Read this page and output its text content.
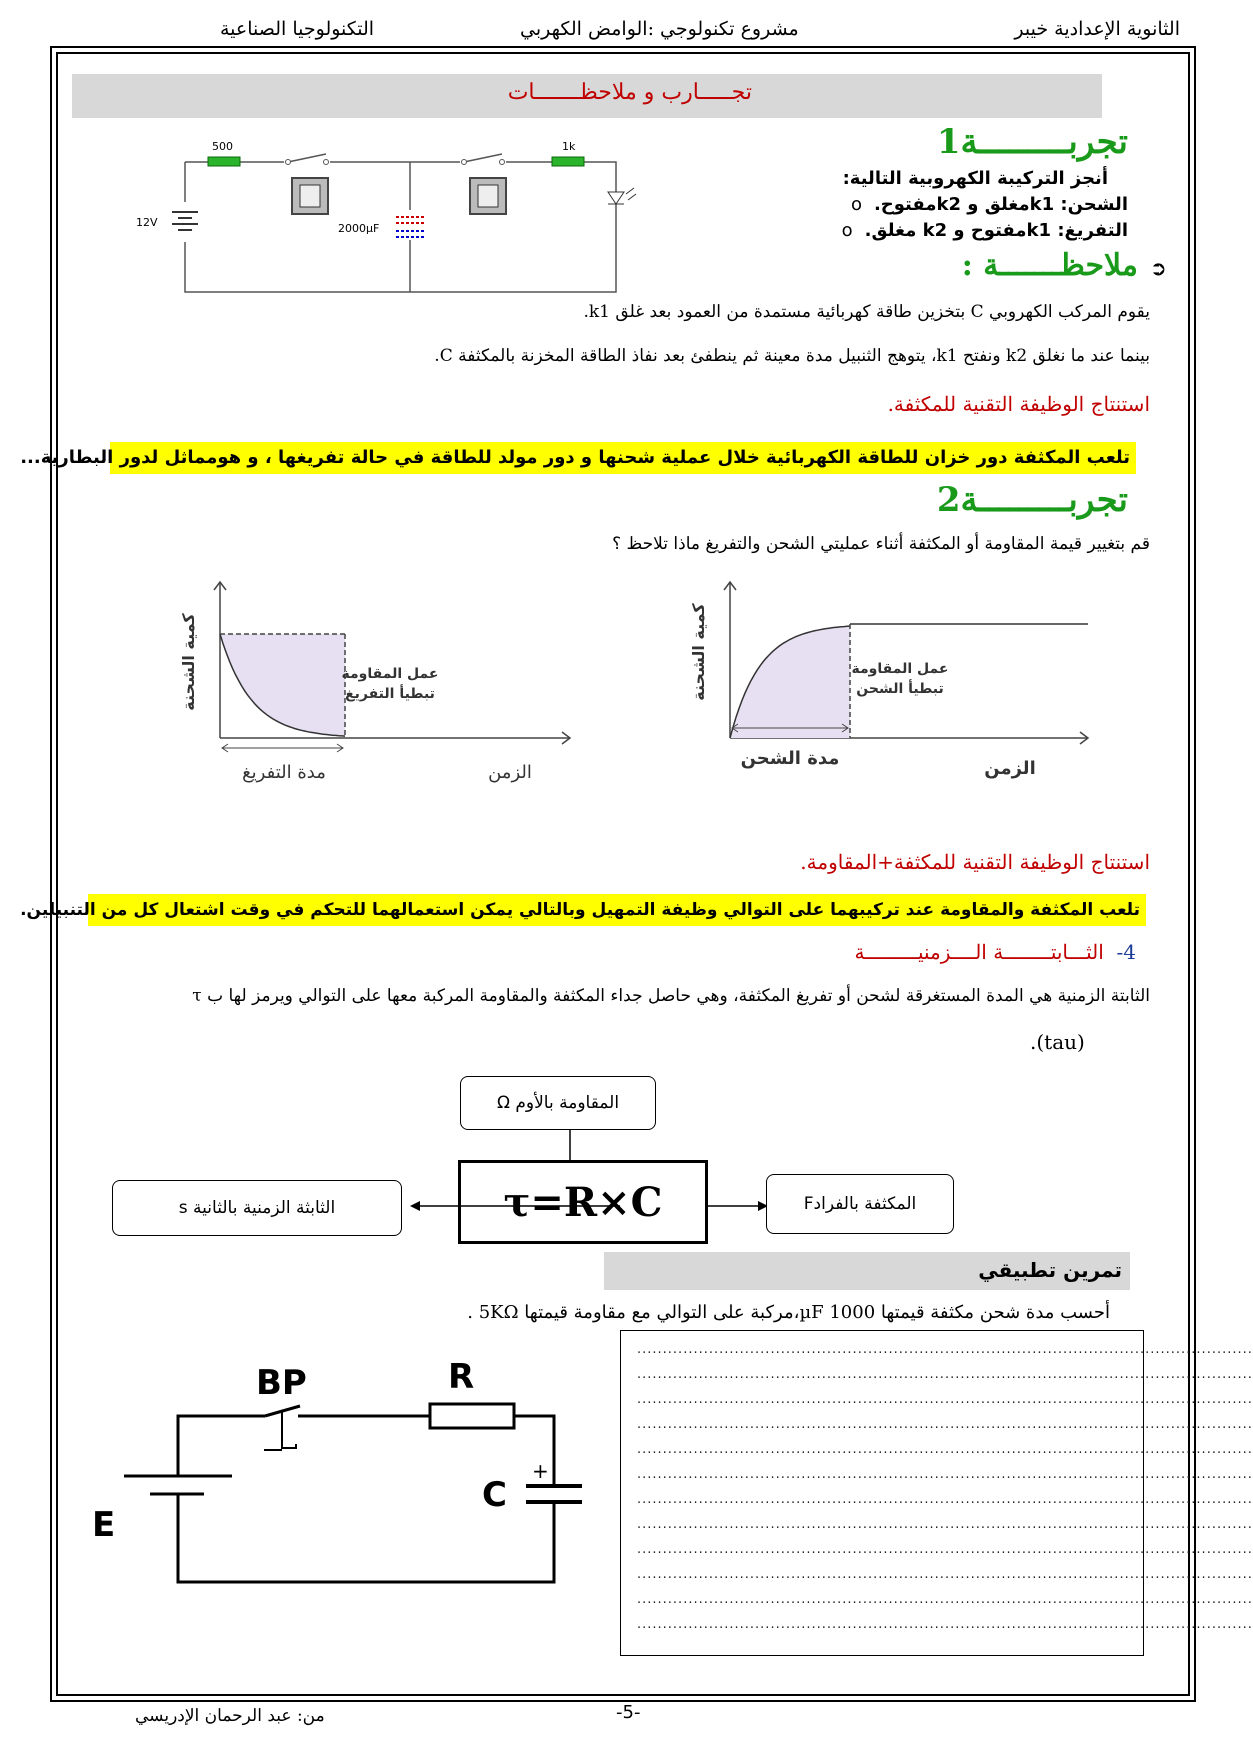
الثانوية الإعدادية خيبر
مشروع تكنولوجي :الوامض الكهربي
التكنولوجيا الصناعية
تجـــــارب و ملاحظـــــــات
500	1k
12V	2000µF
تجربـــــــــة1
أنجز التركيبة الكهروبية التالية:
الشحن: k1مغلق و k2مفتوح.o
التفريغ: k1مفتوح و k2 مغلق.o
➲
ملاحظـــــــة :
يقوم المركب الكهروبي C بتخزين طاقة كهربائية مستمدة من العمود بعد غلق k1.
بينما عند ما نغلق k2 ونفتح k1، يتوهج الثنبيل مدة معينة ثم ينطفئ بعد نفاذ الطاقة المخزنة بالمكثفة C.
استنتاج الوظيفة التقنية للمكثفة.
تلعب المكثفة دور خزان للطاقة الكهربائية خلال عملية شحنها و دور مولد للطاقة في حالة تفريغها ، و هومماثل لدور البطارية...
تجربـــــــــة2
قم بتغيير قيمة المقاومة أو المكثفة أثناء عمليتي الشحن والتفريغ ماذا تلاحظ ؟
كمية الشحنة	عمل المقاومة
تبطيأ التفريغ
مدة التفريغ	الزمن
كمية الشحنة	عمل المقاومة
تبطيأ الشحن
مدة الشحن	الزمن
استنتاج الوظيفة التقنية للمكثفة+المقاومة.
تلعب المكثفة والمقاومة عند تركيبهما على التوالي وظيفة التمهيل وبالتالي يمكن استعمالهما للتحكم في وقت اشتعال كل من التنبيلين.
4-  الثـــابتــــــــة الــــزمنيـــــــــة
الثابتة الزمنية هي المدة المستغرقة لشحن أو تفريغ المكثفة، وهي حاصل جداء المكثفة والمقاومة المركبة معها على التوالي ويرمز لها ب τ
.(tau)
المقاومة بالأوم Ω
الثابثة الزمنية بالثانية s	المكثفة بالفرادF
τ=R×C
تمرين تطبيقي
أحسب مدة شحن مكثفة قيمتها 1000 µF،مركبة على التوالي مع مقاومة قيمتها 5KΩ .
BP	R
C
+
E
........................................................................................................................
........................................................................................................................
........................................................................................................................
........................................................................................................................
........................................................................................................................
........................................................................................................................
........................................................................................................................
........................................................................................................................
........................................................................................................................
........................................................................................................................
........................................................................................................................
........................................................................................................................

من: عبد الرحمان الإدريسي	-5-
